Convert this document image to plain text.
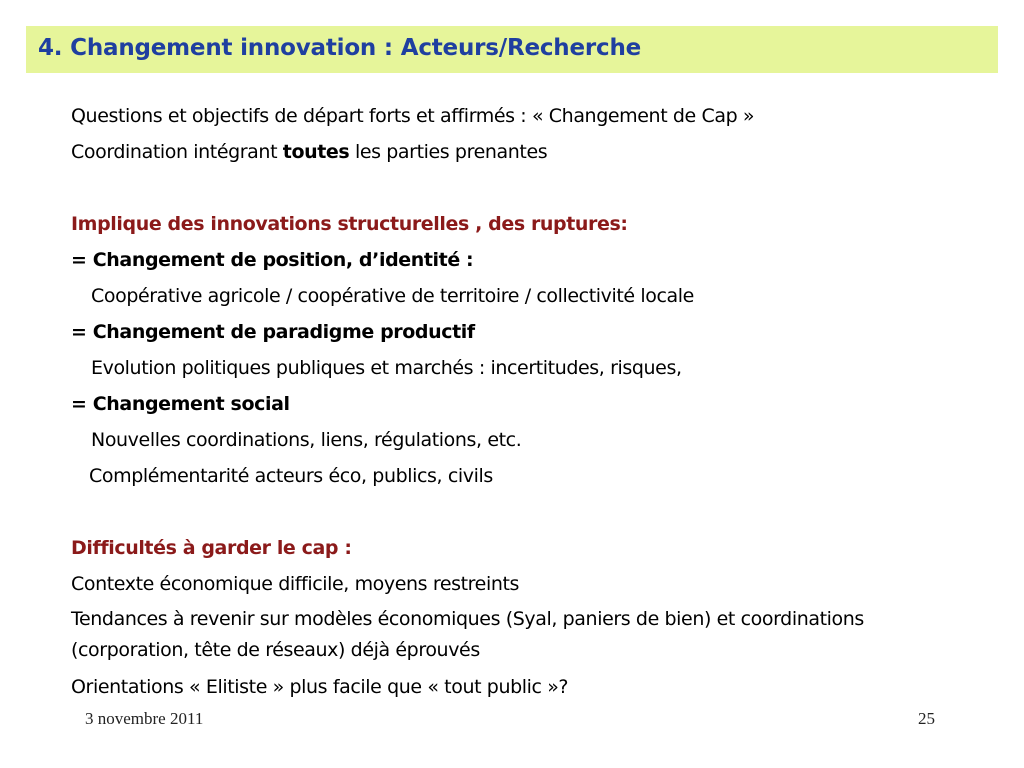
4. Changement innovation : Acteurs/Recherche
Questions et objectifs de départ forts et affirmés : « Changement de Cap »
Coordination intégrant toutes les parties prenantes
Implique des innovations structurelles , des ruptures:
= Changement de position, d’identité :
Coopérative agricole / coopérative de territoire / collectivité locale
= Changement de paradigme productif
Evolution politiques publiques et marchés : incertitudes, risques,
= Changement social
Nouvelles coordinations, liens, régulations, etc.
Complémentarité acteurs éco, publics, civils
Difficultés à garder le cap :
Contexte économique difficile, moyens restreints
Tendances à revenir sur modèles économiques (Syal, paniers de bien) et coordinations (corporation, tête de réseaux) déjà éprouvés
Orientations « Elitiste » plus facile que « tout public »?
3 novembre 2011	25
